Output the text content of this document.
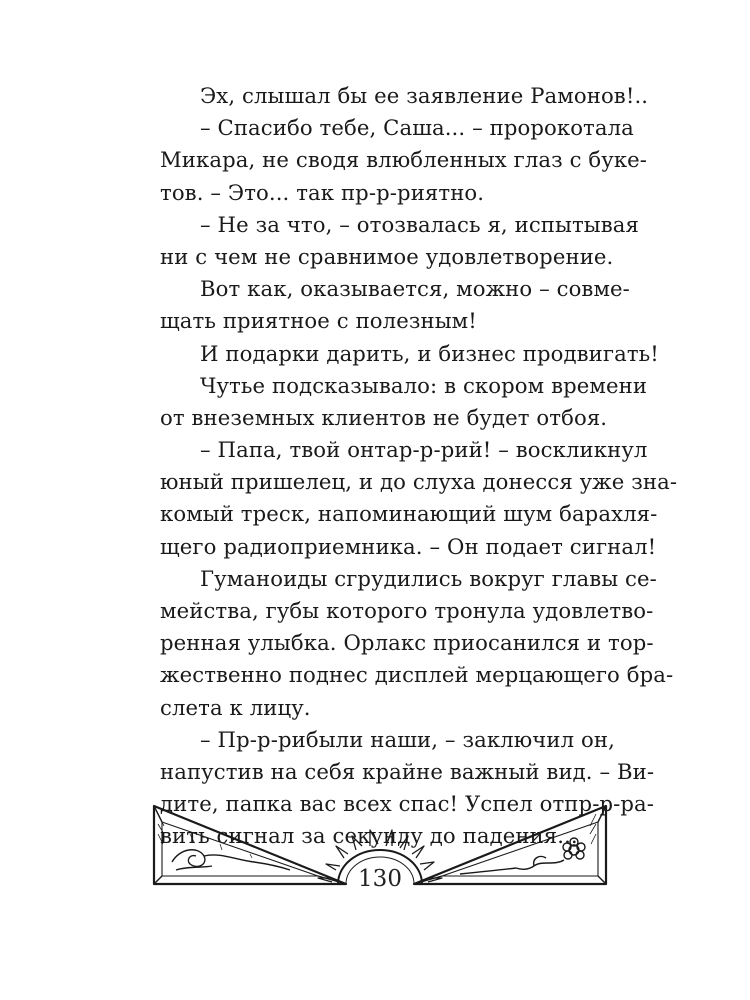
Эх, слышал бы ее заявление Рамонов!..
– Спасибо тебе, Саша... – пророкотала
Микара, не сводя влюбленных глаз с буке-
тов. – Это... так пр-р-риятно.
– Не за что, – отозвалась я, испытывая
ни с чем не сравнимое удовлетворение.
Вот как, оказывается, можно – совме-
щать приятное с полезным!
И подарки дарить, и бизнес продвигать!
Чутье подсказывало: в скором времени
от внеземных клиентов не будет отбоя.
– Папа, твой онтар-р-рий! – воскликнул
юный пришелец, и до слуха донесся уже зна-
комый треск, напоминающий шум барахля-
щего радиоприемника. – Он подает сигнал!
Гуманоиды сгрудились вокруг главы се-
мейства, губы которого тронула удовлетво-
ренная улыбка. Орлакс приосанился и тор-
жественно поднес дисплей мерцающего бра-
слета к лицу.
– Пр-р-рибыли наши, – заключил он,
напустив на себя крайне важный вид. – Ви-
дите, папка вас всех спас! Успел отпр-р-ра-
вить сигнал за секунду до падения...
130
